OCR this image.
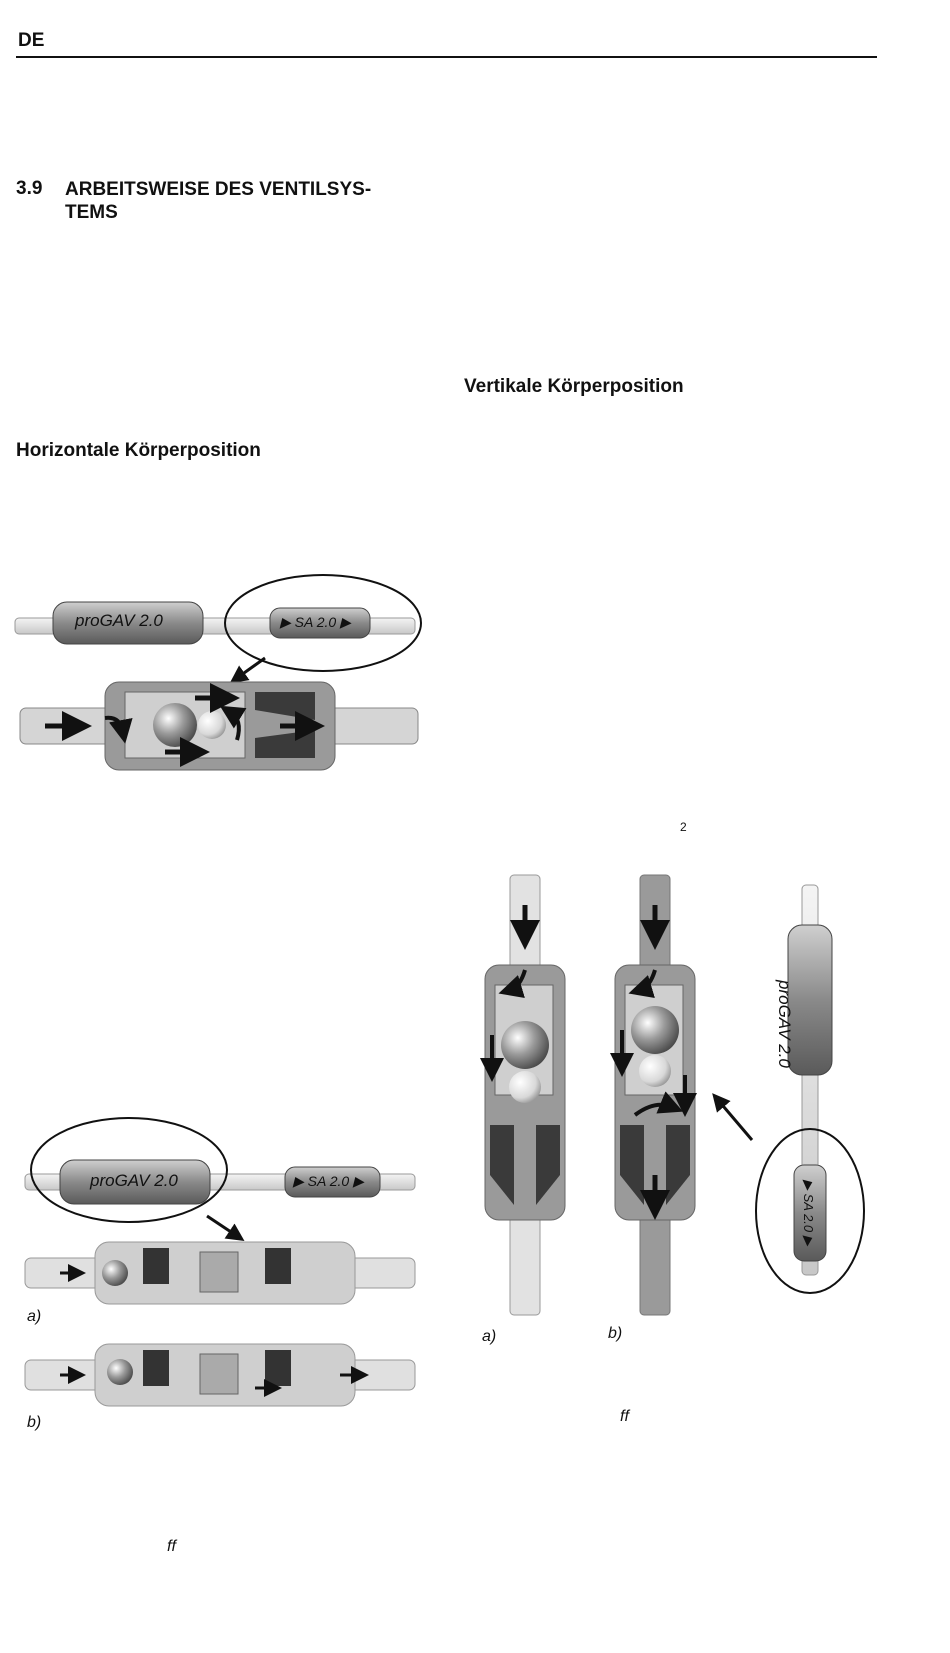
DE
3.9 ARBEITSWEISE DES VENTILSYS-
TEMS
Vertikale Körperposition
Horizontale Körperposition
proGAV 2.0	▶ SA 2.0 ▶
proGAV 2.0	▶ SA 2.0 ▶
a)
b)
ff
2
proGAV 2.0
▶ SA 2.0 ▶
a)	b)
ff
